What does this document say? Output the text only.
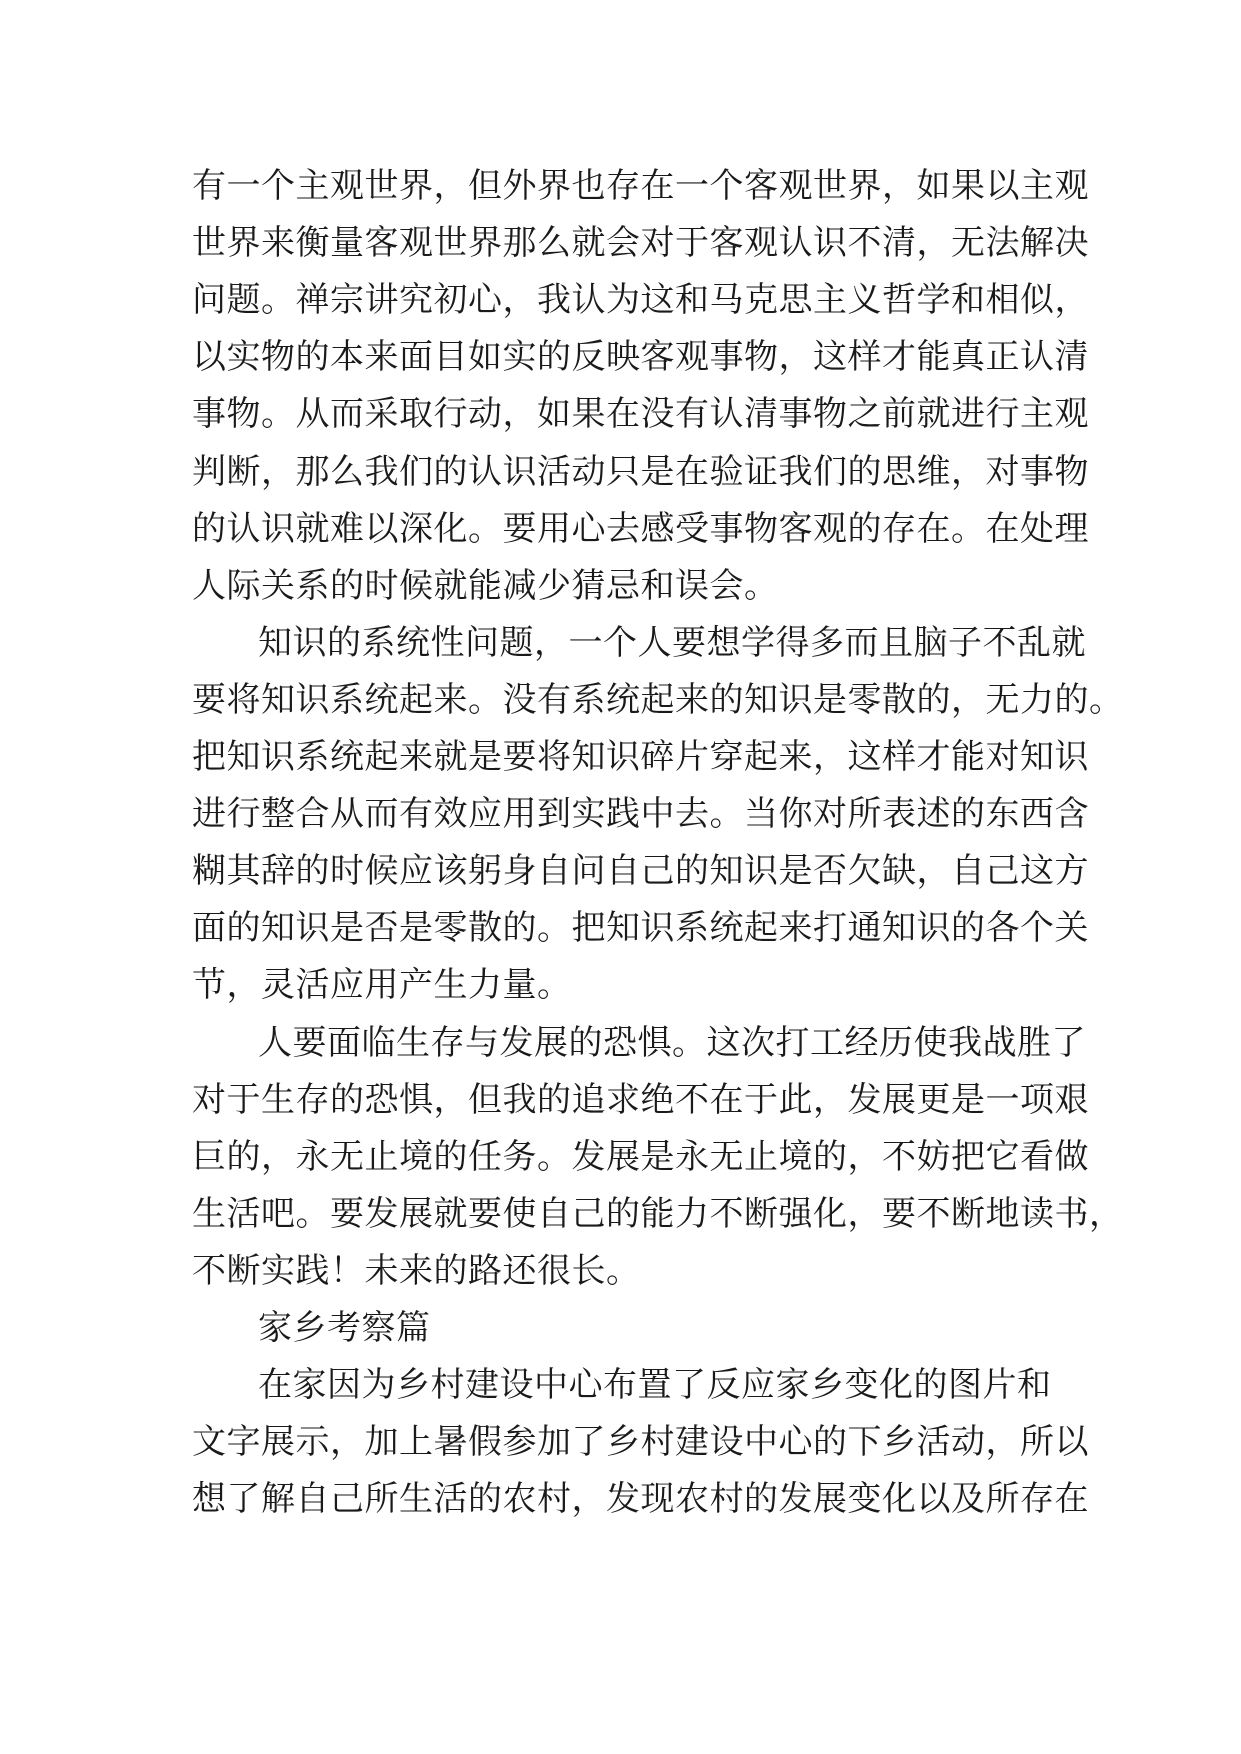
有一个主观世界，但外界也存在一个客观世界，如果以主观
世界来衡量客观世界那么就会对于客观认识不清，无法解决
问题。禅宗讲究初心，我认为这和马克思主义哲学和相似，
以实物的本来面目如实的反映客观事物，这样才能真正认清
事物。从而采取行动，如果在没有认清事物之前就进行主观
判断，那么我们的认识活动只是在验证我们的思维，对事物
的认识就难以深化。要用心去感受事物客观的存在。在处理
人际关系的时候就能减少猜忌和误会。
知识的系统性问题，一个人要想学得多而且脑子不乱就
要将知识系统起来。没有系统起来的知识是零散的，无力的。
把知识系统起来就是要将知识碎片穿起来，这样才能对知识
进行整合从而有效应用到实践中去。当你对所表述的东西含
糊其辞的时候应该躬身自问自己的知识是否欠缺，自己这方
面的知识是否是零散的。把知识系统起来打通知识的各个关
节，灵活应用产生力量。
人要面临生存与发展的恐惧。这次打工经历使我战胜了
对于生存的恐惧，但我的追求绝不在于此，发展更是一项艰
巨的，永无止境的任务。发展是永无止境的，不妨把它看做
生活吧。要发展就要使自己的能力不断强化，要不断地读书，
不断实践！未来的路还很长。
家乡考察篇
在家因为乡村建设中心布置了反应家乡变化的图片和
文字展示，加上暑假参加了乡村建设中心的下乡活动，所以
想了解自己所生活的农村，发现农村的发展变化以及所存在
